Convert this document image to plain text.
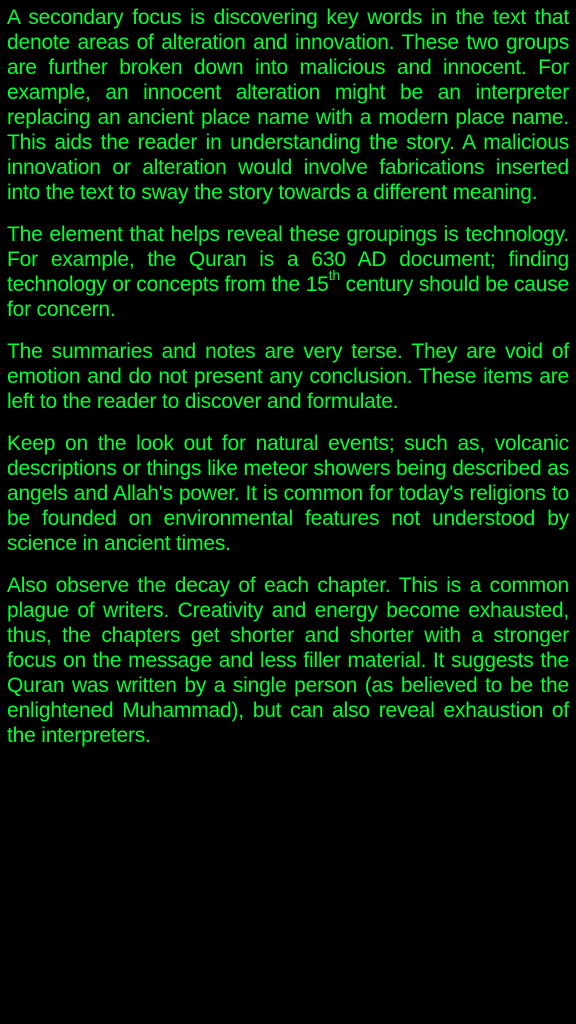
A secondary focus is discovering key words in the text that denote areas of alteration and innovation. These two groups are further broken down into malicious and innocent. For example, an innocent alteration might be an interpreter replacing an ancient place name with a modern place name. This aids the reader in understanding the story. A malicious innovation or alteration would involve fabrications inserted into the text to sway the story towards a different meaning.

The element that helps reveal these groupings is technology. For example, the Quran is a 630 AD document; finding technology or concepts from the 15th century should be cause for concern.

The summaries and notes are very terse. They are void of emotion and do not present any conclusion. These items are left to the reader to discover and formulate.

Keep on the look out for natural events; such as, volcanic descriptions or things like meteor showers being described as angels and Allah's power. It is common for today's religions to be founded on environmental features not understood by science in ancient times.

Also observe the decay of each chapter. This is a common plague of writers. Creativity and energy become exhausted, thus, the chapters get shorter and shorter with a stronger focus on the message and less filler material. It suggests the Quran was written by a single person (as believed to be the enlightened Muhammad), but can also reveal exhaustion of the interpreters.
